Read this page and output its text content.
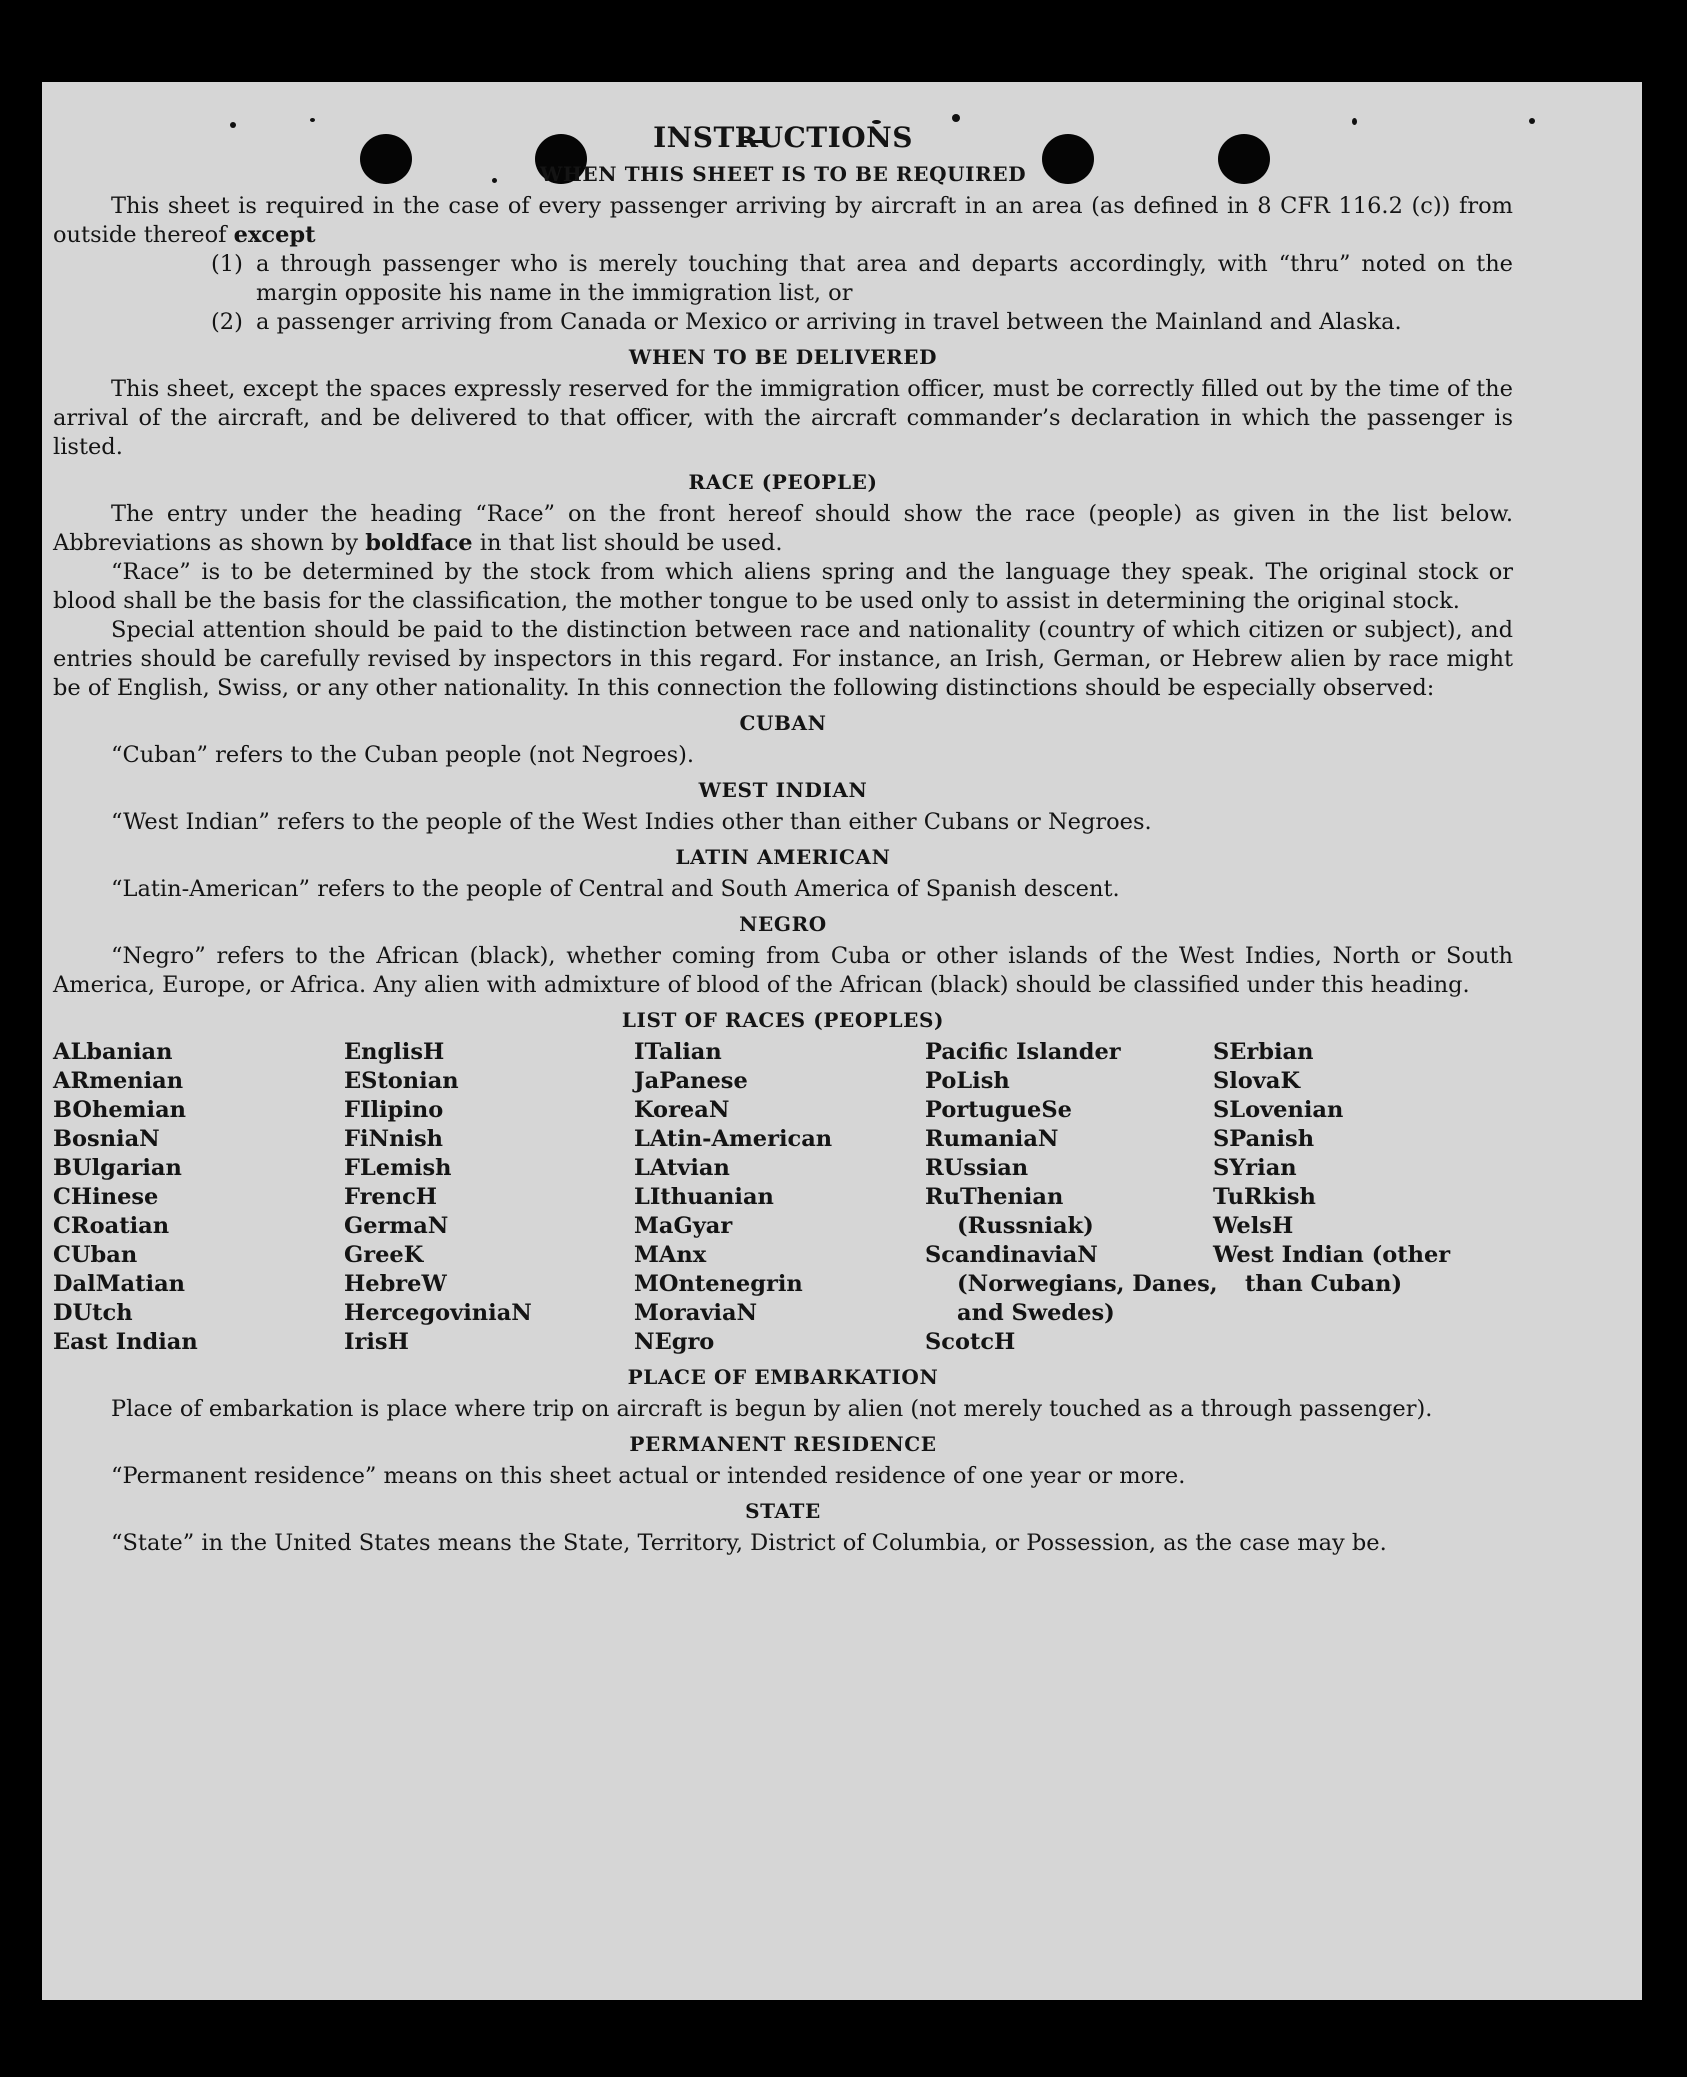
INSTRUCTIONS
WHEN THIS SHEET IS TO BE REQUIRED

This sheet is required in the case of every passenger arriving by aircraft in an area (as defined in 8 CFR 116.2 (c)) from outside thereof except

(1) a through passenger who is merely touching that area and departs accordingly, with “thru” noted on the margin opposite his name in the immigration list, or
(2) a passenger arriving from Canada or Mexico or arriving in travel between the Mainland and Alaska.
WHEN TO BE DELIVERED

This sheet, except the spaces expressly reserved for the immigration officer, must be correctly filled out by the time of the arrival of the aircraft, and be delivered to that officer, with the aircraft commander’s declaration in which the passenger is listed.

RACE (PEOPLE)

The entry under the heading “Race” on the front hereof should show the race (people) as given in the list below. Abbreviations as shown by boldface in that list should be used.

“Race” is to be determined by the stock from which aliens spring and the language they speak. The original stock or blood shall be the basis for the classification, the mother tongue to be used only to assist in determining the original stock.

Special attention should be paid to the distinction between race and nationality (country of which citizen or subject), and entries should be carefully revised by inspectors in this regard. For instance, an Irish, German, or Hebrew alien by race might be of English, Swiss, or any other nationality. In this connection the following distinctions should be especially observed:

CUBAN

“Cuban” refers to the Cuban people (not Negroes).

WEST INDIAN

“West Indian” refers to the people of the West Indies other than either Cubans or Negroes.

LATIN AMERICAN

“Latin-American” refers to the people of Central and South America of Spanish descent.

NEGRO

“Negro” refers to the African (black), whether coming from Cuba or other islands of the West Indies, North or South America, Europe, or Africa. Any alien with admixture of blood of the African (black) should be classified under this heading.

LIST OF RACES (PEOPLES)
ALbanian
ARmenian
BOhemian
BosniaN
BUlgarian
CHinese
CRoatian
CUban
DalMatian
DUtch
East Indian
EnglisH
EStonian
FIlipino
FiNnish
FLemish
FrencH
GermaN
GreeK
HebreW
HercegoviniaN
IrisH
ITalian
JaPanese
KoreaN
LAtin-American
LAtvian
LIthuanian
MaGyar
MAnx
MOntenegrin
MoraviaN
NEgro
Pacific Islander
PoLish
PortugueSe
RumaniaN
RUssian
RuThenian (Russniak)
ScandinaviaN (Norwegians, Danes, and Swedes)
ScotcH
SErbian
SlovaK
SLovenian
SPanish
SYrian
TuRkish
WelsH
West Indian (other than Cuban)
PLACE OF EMBARKATION

Place of embarkation is place where trip on aircraft is begun by alien (not merely touched as a through passenger).

PERMANENT RESIDENCE

“Permanent residence” means on this sheet actual or intended residence of one year or more.

STATE

“State” in the United States means the State, Territory, District of Columbia, or Possession, as the case may be.
